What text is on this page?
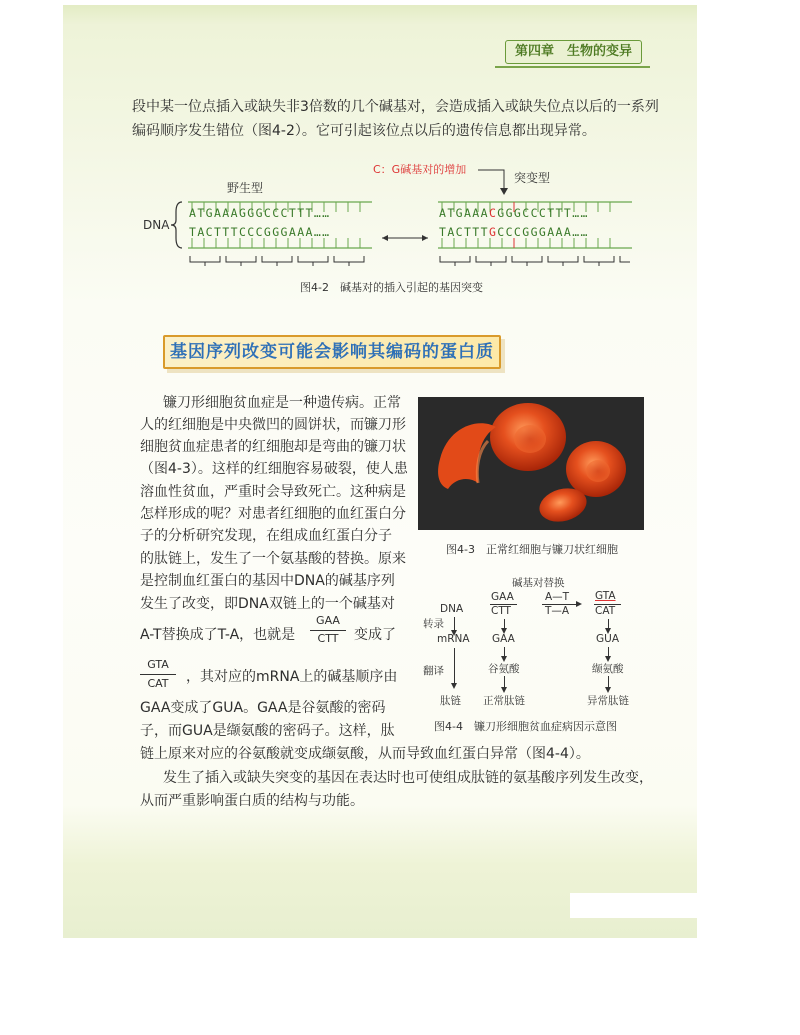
第四章　生物的变异
段中某一位点插入或缺失非3倍数的几个碱基对，会造成插入或缺失位点以后的一系列
编码顺序发生错位（图4-2）。它可引起该位点以后的遗传信息都出现异常。
野生型
突变型
C：G碱基对的增加
DNA
ATGAAAGGGCCCTTT……
TACTTTCCCGGGAAA……
ATGAAACGGGCCCTTT……
TACTTTGCCCGGGAAA……
图4-2　碱基对的插入引起的基因突变
基因序列改变可能会影响其编码的蛋白质
镰刀形细胞贫血症是一种遗传病。正常
人的红细胞是中央微凹的圆饼状，而镰刀形
细胞贫血症患者的红细胞却是弯曲的镰刀状
（图4-3）。这样的红细胞容易破裂，使人患
溶血性贫血，严重时会导致死亡。这种病是
怎样形成的呢？对患者红细胞的血红蛋白分
子的分析研究发现，在组成血红蛋白分子
的肽链上，发生了一个氨基酸的替换。原来
是控制血红蛋白的基因中DNA的碱基序列
发生了改变，即DNA双链上的一个碱基对
A-T替换成了T-A，也就是
GAA
CTT	变成了
GTA
CAT	，其对应的mRNA上的碱基顺序由
GAA变成了GUA。GAA是谷氨酸的密码
子，而GUA是缬氨酸的密码子。这样，肽
链上原来对应的谷氨酸就变成缬氨酸，从而导致血红蛋白异常（图4-4）。
发生了插入或缺失突变的基因在表达时也可使组成肽链的氨基酸序列发生改变，
从而严重影响蛋白质的结构与功能。
图4-3　正常红细胞与镰刀状红细胞
碱基对替换
DNA
转录
mRNA
翻译
肽链
GAA
CTT
GAA
谷氨酸
正常肽链
A—T
T—A
GTA
CAT
GUA
缬氨酸
异常肽链
图4-4　镰刀形细胞贫血症病因示意图
